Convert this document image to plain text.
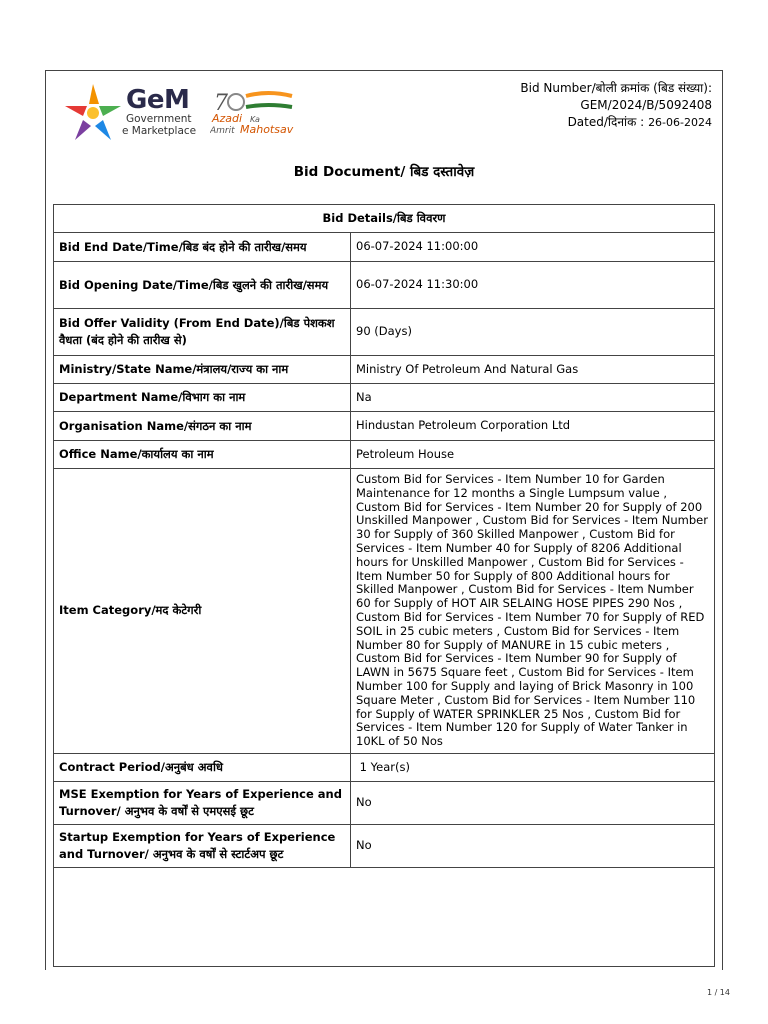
GeM
Government
e Marketplace
7
Azadi Ka
Amrit Mahotsav
Bid Number/बोली क्रमांक (बिड संख्या):
GEM/2024/B/5092408
Dated/दिनांक : 26-06-2024
Bid Document/ बिड दस्तावेज़
Bid Details/बिड विवरण	
Bid End Date/Time/बिड बंद होने की तारीख/समय	06-07-2024 11:00:00
Bid Opening Date/Time/बिड खुलने की तारीख/समय	06-07-2024 11:30:00
Bid Offer Validity (From End Date)/बिड पेशकश वैधता (बंद होने की तारीख से)	90 (Days)
Ministry/State Name/मंत्रालय/राज्य का नाम	Ministry Of Petroleum And Natural Gas
Department Name/विभाग का नाम	Na
Organisation Name/संगठन का नाम	Hindustan Petroleum Corporation Ltd
Office Name/कार्यालय का नाम	Petroleum House
Item Category/मद केटेगरी	Custom Bid for Services - Item Number 10 for Garden Maintenance for 12 months a Single Lumpsum value , Custom Bid for Services - Item Number 20 for Supply of 200 Unskilled Manpower , Custom Bid for Services - Item Number 30 for Supply of 360 Skilled Manpower , Custom Bid for Services - Item Number 40 for Supply of 8206 Additional hours for Unskilled Manpower , Custom Bid for Services - Item Number 50 for Supply of 800 Additional hours for Skilled Manpower , Custom Bid for Services - Item Number 60 for Supply of HOT AIR SELAING HOSE PIPES 290 Nos , Custom Bid for Services - Item Number 70 for Supply of RED SOIL in 25 cubic meters , Custom Bid for Services - Item Number 80 for Supply of MANURE in 15 cubic meters , Custom Bid for Services - Item Number 90 for Supply of LAWN in 5675 Square feet , Custom Bid for Services - Item Number 100 for Supply and laying of Brick Masonry in 100 Square Meter , Custom Bid for Services - Item Number 110 for Supply of WATER SPRINKLER 25 Nos , Custom Bid for Services - Item Number 120 for Supply of Water Tanker in 10KL of 50 Nos
Contract Period/अनुबंध अवधि	1 Year(s)
MSE Exemption for Years of Experience and Turnover/ अनुभव के वर्षों से एमएसई छूट	No
Startup Exemption for Years of Experience and Turnover/ अनुभव के वर्षों से स्टार्टअप छूट	No

1 / 14
